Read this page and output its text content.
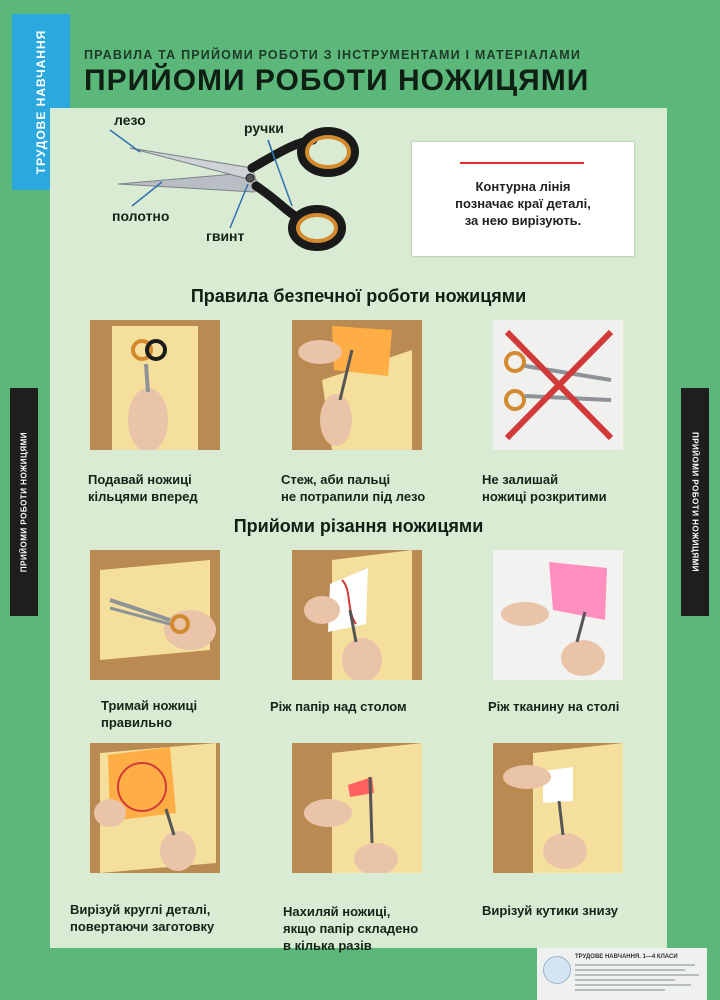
ТРУДОВЕ НАВЧАННЯ
ПРИЙОМИ РОБОТИ НОЖИЦЯМИ	ПРИЙОМИ РОБОТИ НОЖИЦЯМИ
ПРАВИЛА ТА ПРИЙОМИ РОБОТИ З ІНСТРУМЕНТАМИ І МАТЕРІАЛАМИ
ПРИЙОМИ РОБОТИ НОЖИЦЯМИ
лезо	ручки
полотно
гвинт
Контурна лінія
позначає краї деталі,
за нею вирізують.
Правила безпечної роботи ножицями
Подавай ножиці
кільцями вперед
Стеж, аби пальці
не потрапили під лезо
Не залишай
ножиці розкритими
Прийоми різання ножицями
Тримай ножиці
правильно
Ріж папір над столом	Ріж тканину на столі
Вирізуй круглі деталі,
повертаючи заготовку
Нахиляй ножиці,
якщо папір складено
в кілька разів
Вирізуй кутики знизу
ТРУДОВЕ НАВЧАННЯ. 1—4 КЛАСИ
